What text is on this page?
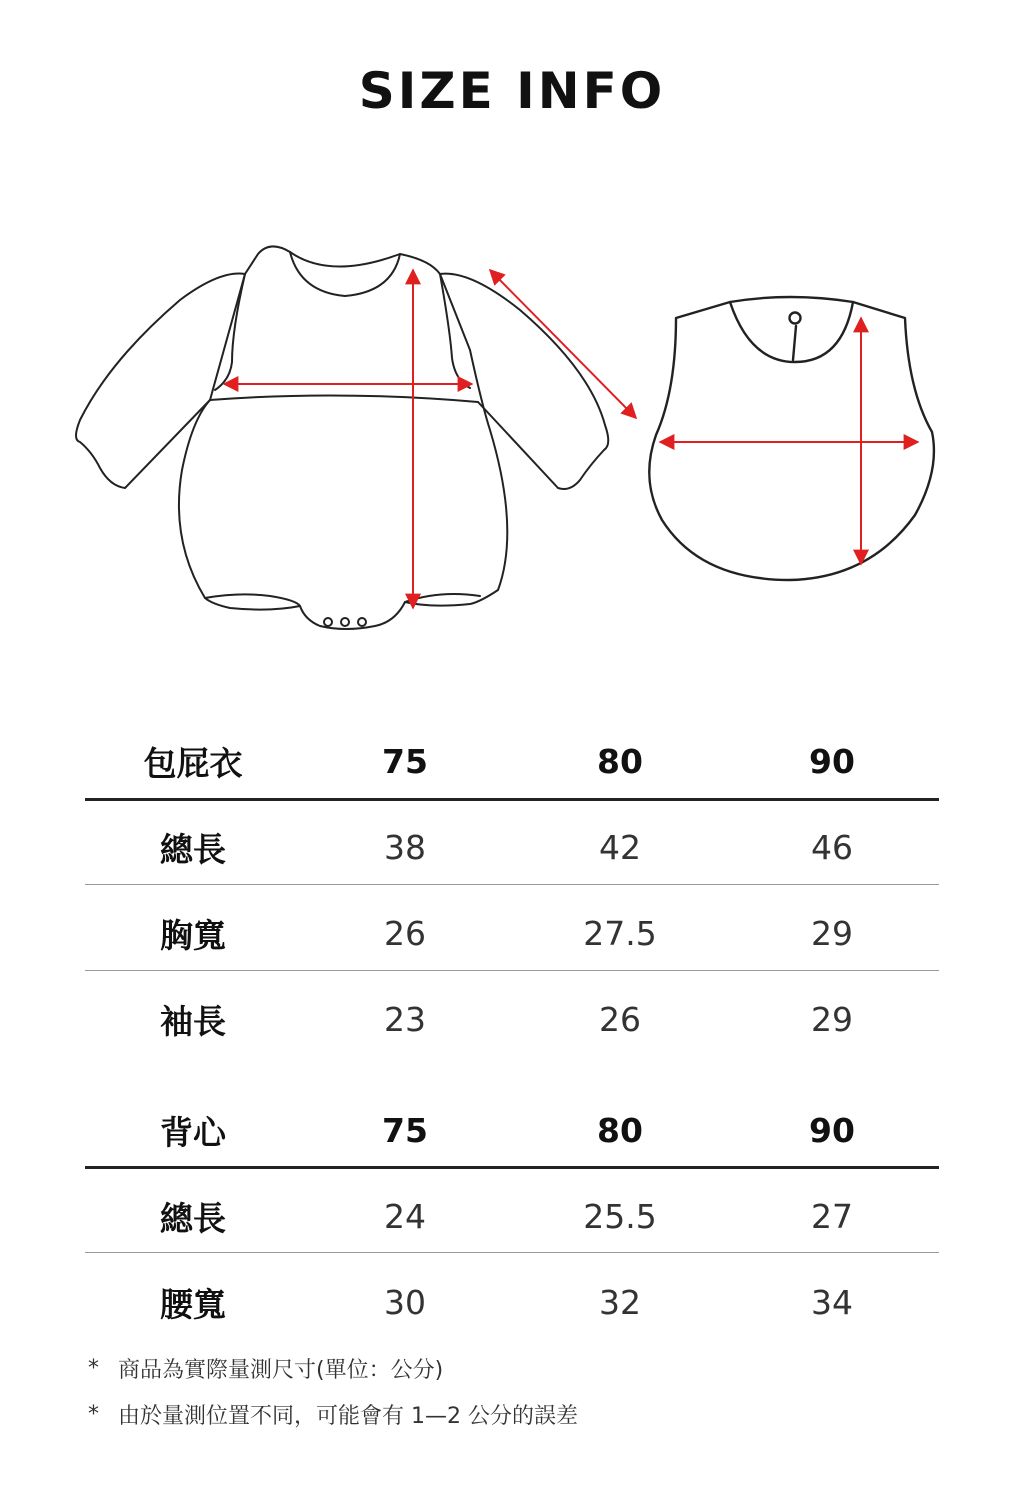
SIZE INFO
包屁衣	75	80	90
總長	38	42	46
胸寬	26	27.5	29
袖長	23	26	29
背心	75	80	90
總長	24	25.5	27
腰寬	30	32	34
* 商品為實際量測尺寸(單位：公分)
* 由於量測位置不同，可能會有 1—2 公分的誤差
